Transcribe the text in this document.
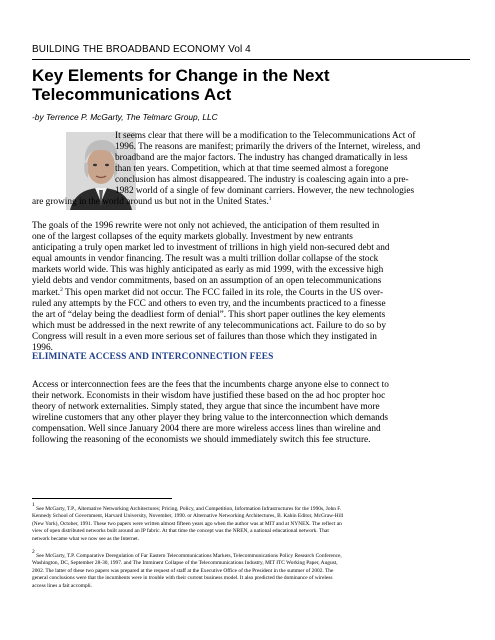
BUILDING THE BROADBAND ECONOMY Vol 4
Key Elements for Change in the Next
Telecommunications Act
-by Terrence P. McGarty, The Telmarc Group, LLC
It seems clear that there will be a modification to the Telecommunications Act of
1996. The reasons are manifest; primarily the drivers of the Internet, wireless, and
broadband are the major factors. The industry has changed dramatically in less
than ten years. Competition, which at that time seemed almost a foregone
conclusion has almost disappeared. The industry is coalescing again into a pre-
1982 world of a single of few dominant carriers. However, the new technologies
are growing in the world around us but not in the United States.$^1$
The goals of the 1996 rewrite were not only not achieved, the anticipation of them resulted in
one of the largest collapses of the equity markets globally. Investment by new entrants
anticipating a truly open market led to investment of trillions in high yield non-secured debt and
equal amounts in vendor financing. The result was a multi trillion dollar collapse of the stock
markets world wide. This was highly anticipated as early as mid 1999, with the excessive high
yield debts and vendor commitments, based on an assumption of an open telecommunications
market.$^2$ This open market did not occur. The FCC failed in its role, the Courts in the US over-
ruled any attempts by the FCC and others to even try, and the incumbents practiced to a finesse
the art of “delay being the deadliest form of denial”. This short paper outlines the key elements
which must be addressed in the next rewrite of any telecommunications act. Failure to do so by
Congress will result in a even more serious set of failures than those which they instigated in
1996.
ELIMINATE ACCESS AND INTERCONNECTION FEES
Access or interconnection fees are the fees that the incumbents charge anyone else to connect to
their network. Economists in their wisdom have justified these based on the ad hoc propter hoc
theory of network externalities. Simply stated, they argue that since the incumbent have more
wireline customers that any other player they bring value to the interconnection which demands
compensation. Well since January 2004 there are more wireless access lines than wireline and
following the reasoning of the economists we should immediately switch this fee structure.
$^1$ See McGarty, T.P., Alternative Networking Architectures; Pricing, Policy, and Competition, Information Infrastructures for the 1990s, John F.
Kennedy School of Government, Harvard University, November, 1990. or Alternative Networking Architectures, B. Kahin Editor, McGraw-Hill
(New York), October, 1991. These two papers were written almost fifteen years ago when the author was at MIT and at NYNEX. The reflect an
view of open distributed networks built around an IP fabric. At that time the concept was the NREN, a national educational network. That
network became what we now see as the Internet.
$^2$ See McGarty, T.P. Comparative Deregulation of Far Eastern Telecommunications Markets, Telecommunications Policy Research Conference,
Washington, DC, September 28-30, 1997. and The Imminent Collapse of the Telecommunications Industry, MIT ITC Working Paper, August,
2002. The latter of these two papers was prepared at the request of staff at the Executive Office of the President in the summer of 2002. The
general conclusions were that the incumbents were in trouble with their current business model. It also predicted the dominance of wireless
access lines a fait accompli.
